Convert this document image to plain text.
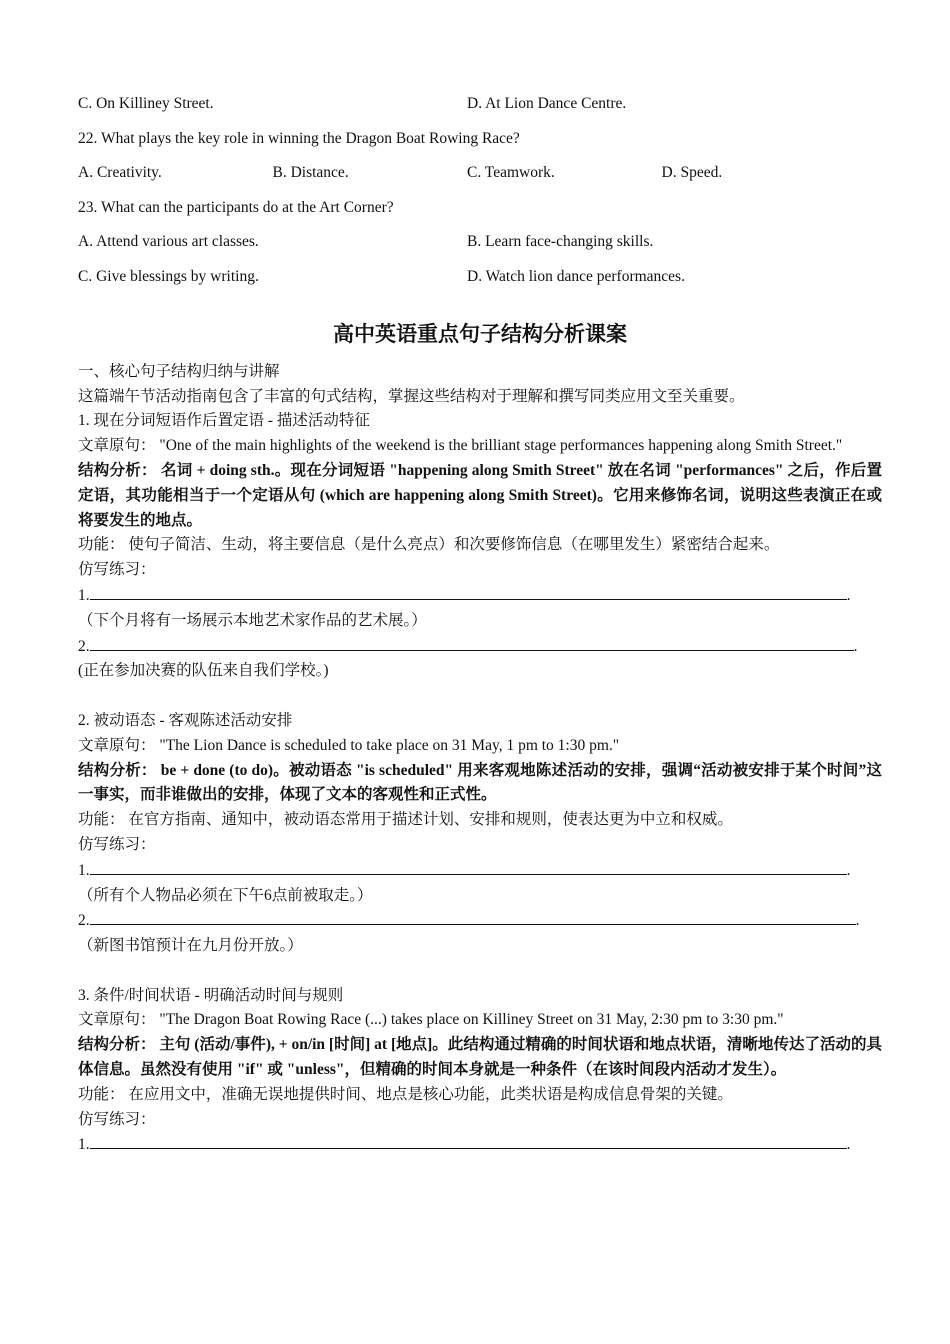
C. On Killiney Street.	D. At Lion Dance Centre.
22. What plays the key role in winning the Dragon Boat Rowing Race?
A. Creativity.	B. Distance.	C. Teamwork.	D. Speed.
23. What can the participants do at the Art Corner?
A. Attend various art classes.	B. Learn face-changing skills.
C. Give blessings by writing.	D. Watch lion dance performances.
高中英语重点句子结构分析课案
一、核心句子结构归纳与讲解
这篇端午节活动指南包含了丰富的句式结构，掌握这些结构对于理解和撰写同类应用文至关重要。
1. 现在分词短语作后置定语 - 描述活动特征
文章原句： "One of the main highlights of the weekend is the brilliant stage performances happening along Smith Street."
结构分析： 名词 + doing sth.。现在分词短语 "happening along Smith Street" 放在名词 "performances" 之后，作后置定语，其功能相当于一个定语从句 (which are happening along Smith Street)。它用来修饰名词，说明这些表演正在或将要发生的地点。
功能： 使句子简洁、生动，将主要信息（是什么亮点）和次要修饰信息（在哪里发生）紧密结合起来。
仿写练习：
1.	.
（下个月将有一场展示本地艺术家作品的艺术展。）
2.	.
(正在参加决赛的队伍来自我们学校。)
2. 被动语态 - 客观陈述活动安排
文章原句： "The Lion Dance is scheduled to take place on 31 May, 1 pm to 1:30 pm."
结构分析： be + done (to do)。被动语态 "is scheduled" 用来客观地陈述活动的安排，强调“活动被安排于某个时间”这一事实，而非谁做出的安排，体现了文本的客观性和正式性。
功能： 在官方指南、通知中，被动语态常用于描述计划、安排和规则，使表达更为中立和权威。
仿写练习：
1.	.
（所有个人物品必须在下午6点前被取走。）
2.	.
（新图书馆预计在九月份开放。）
3. 条件/时间状语 - 明确活动时间与规则
文章原句： "The Dragon Boat Rowing Race (...) takes place on Killiney Street on 31 May, 2:30 pm to 3:30 pm."
结构分析： 主句 (活动/事件), + on/in [时间] at [地点]。此结构通过精确的时间状语和地点状语，清晰地传达了活动的具体信息。虽然没有使用 "if" 或 "unless"，但精确的时间本身就是一种条件（在该时间段内活动才发生）。
功能： 在应用文中，准确无误地提供时间、地点是核心功能，此类状语是构成信息骨架的关键。
仿写练习：
1.	.
